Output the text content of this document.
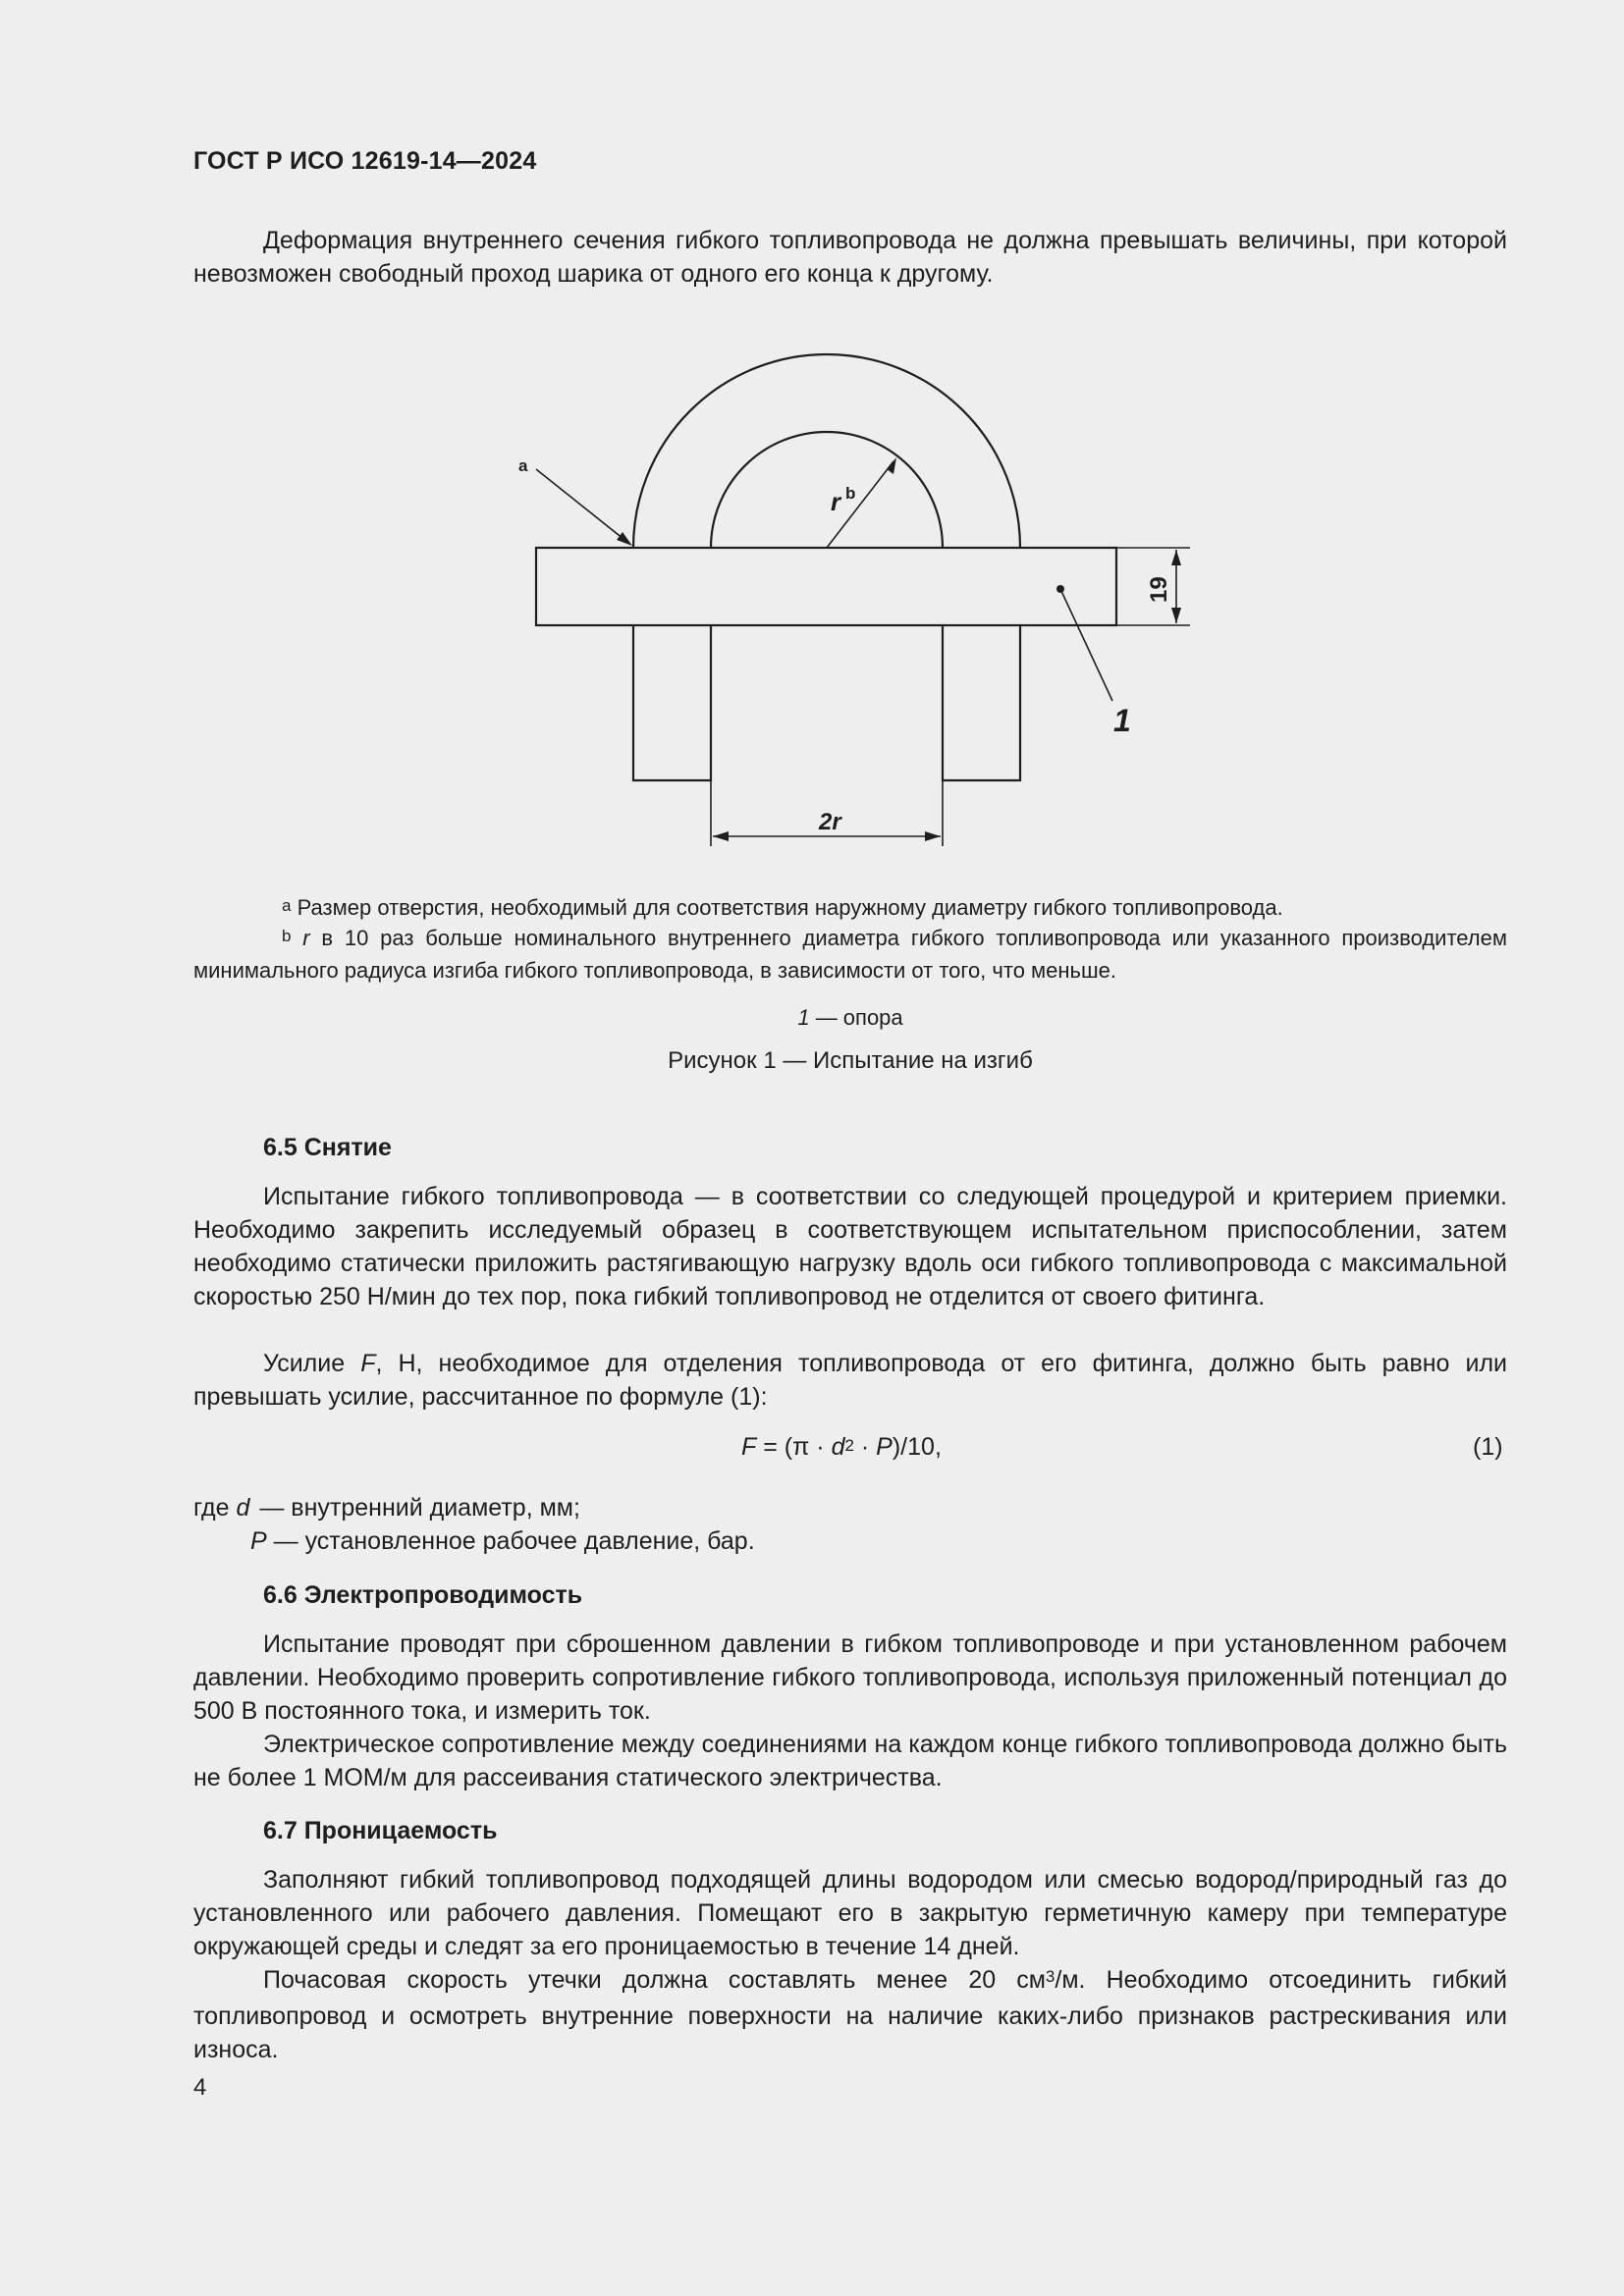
ГОСТ Р ИСО 12619-14—2024
Деформация внутреннего сечения гибкого топливопровода не должна превышать величины, при которой невозможен свободный проход шарика от одного его конца к другому.
a
r b
19
1
2r
$^a$ Размер отверстия, необходимый для соответствия наружному диаметру гибкого топливопровода.
$^b$ r в 10 раз больше номинального внутреннего диаметра гибкого топливопровода или указанного производителем минимального радиуса изгиба гибкого топливопровода, в зависимости от того, что меньше.
1 — опора
Рисунок 1 — Испытание на изгиб
6.5 Снятие
Испытание гибкого топливопровода — в соответствии со следующей процедурой и критерием приемки. Необходимо закрепить исследуемый образец в соответствующем испытательном приспособлении, затем необходимо статически приложить растягивающую нагрузку вдоль оси гибкого топливопровода с максимальной скоростью 250 Н/мин до тех пор, пока гибкий топливопровод не отделится от своего фитинга.
Усилие F, Н, необходимое для отделения топливопровода от его фитинга, должно быть равно или превышать усилие, рассчитанное по формуле (1):
$F = (\pi \cdot d^2 \cdot P)/10$,	(1)
где d — внутренний диаметр, мм;
P — установленное рабочее давление, бар.
6.6 Электропроводимость
Испытание проводят при сброшенном давлении в гибком топливопроводе и при установленном рабочем давлении. Необходимо проверить сопротивление гибкого топливопровода, используя приложенный потенциал до 500 В постоянного тока, и измерить ток.
Электрическое сопротивление между соединениями на каждом конце гибкого топливопровода должно быть не более 1 МОМ/м для рассеивания статического электричества.
6.7 Проницаемость
Заполняют гибкий топливопровод подходящей длины водородом или смесью водород/природный газ до установленного или рабочего давления. Помещают его в закрытую герметичную камеру при температуре окружающей среды и следят за его проницаемостью в течение 14 дней.
Почасовая скорость утечки должна составлять менее 20 $см^3/м$. Необходимо отсоединить гибкий топливопровод и осмотреть внутренние поверхности на наличие каких-либо признаков растрескивания или износа.
4
